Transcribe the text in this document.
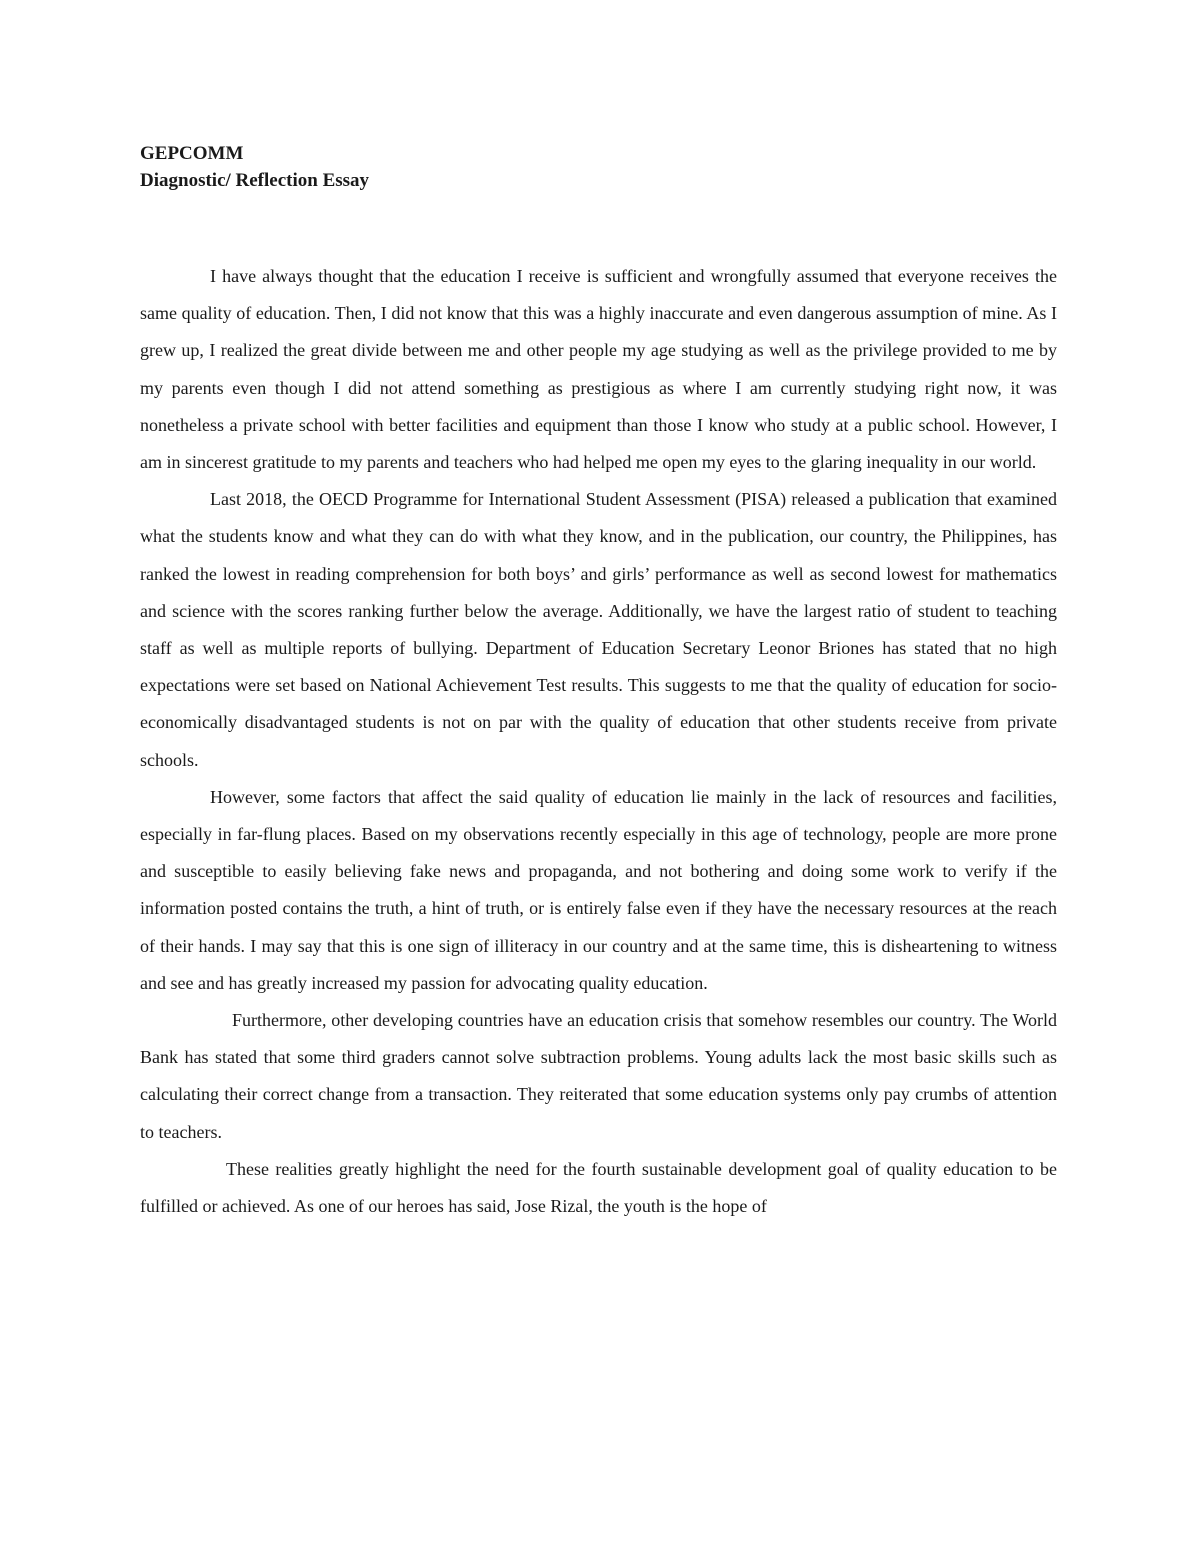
GEPCOMM

Diagnostic/ Reflection Essay

I have always thought that the education I receive is sufficient and wrongfully assumed that everyone receives the same quality of education. Then, I did not know that this was a highly inaccurate and even dangerous assumption of mine. As I grew up, I realized the great divide between me and other people my age studying as well as the privilege provided to me by my parents even though I did not attend something as prestigious as where I am currently studying right now, it was nonetheless a private school with better facilities and equipment than those I know who study at a public school. However, I am in sincerest gratitude to my parents and teachers who had helped me open my eyes to the glaring inequality in our world.

Last 2018, the OECD Programme for International Student Assessment (PISA) released a publication that examined what the students know and what they can do with what they know, and in the publication, our country, the Philippines, has ranked the lowest in reading comprehension for both boys’ and girls’ performance as well as second lowest for mathematics and science with the scores ranking further below the average. Additionally, we have the largest ratio of student to teaching staff as well as multiple reports of bullying. Department of Education Secretary Leonor Briones has stated that no high expectations were set based on National Achievement Test results. This suggests to me that the quality of education for socio-economically disadvantaged students is not on par with the quality of education that other students receive from private schools.

However, some factors that affect the said quality of education lie mainly in the lack of resources and facilities, especially in far-flung places. Based on my observations recently especially in this age of technology, people are more prone and susceptible to easily believing fake news and propaganda, and not bothering and doing some work to verify if the information posted contains the truth, a hint of truth, or is entirely false even if they have the necessary resources at the reach of their hands. I may say that this is one sign of illiteracy in our country and at the same time, this is disheartening to witness and see and has greatly increased my passion for advocating quality education.

Furthermore, other developing countries have an education crisis that somehow resembles our country. The World Bank has stated that some third graders cannot solve subtraction problems. Young adults lack the most basic skills such as calculating their correct change from a transaction. They reiterated that some education systems only pay crumbs of attention to teachers.

These realities greatly highlight the need for the fourth sustainable development goal of quality education to be fulfilled or achieved. As one of our heroes has said, Jose Rizal, the youth is the hope of
